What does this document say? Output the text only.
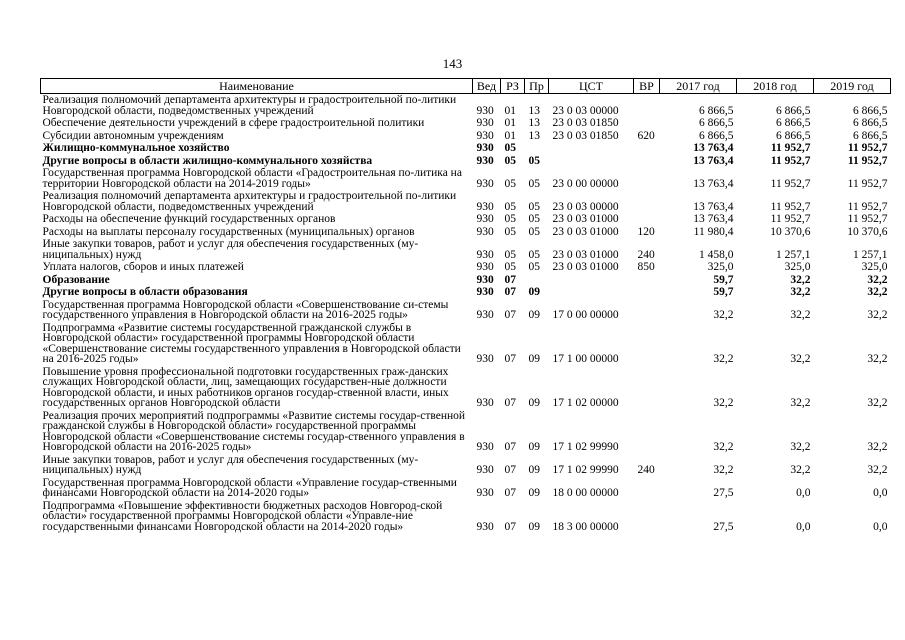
143
Наименование	Вед	РЗ	Пр	ЦСТ	ВР	2017 год	2018 год	2019 год
Реализация полномочий департамента архитектуры и градостроительной по-литики Новгородской области, подведомственных учреждений	930	01	13	23 0 03 00000		6 866,5	6 866,5	6 866,5
Обеспечение деятельности учреждений в сфере градостроительной политики	930	01	13	23 0 03 01850		6 866,5	6 866,5	6 866,5
Субсидии автономным учреждениям	930	01	13	23 0 03 01850	620	6 866,5	6 866,5	6 866,5
Жилищно-коммунальное хозяйство	930	05				13 763,4	11 952,7	11 952,7
Другие вопросы в области жилищно-коммунального хозяйства	930	05	05			13 763,4	11 952,7	11 952,7
Государственная программа Новгородской области «Градостроительная по-литика на территории Новгородской области на 2014-2019 годы»	930	05	05	23 0 00 00000		13 763,4	11 952,7	11 952,7
Реализация полномочий департамента архитектуры и градостроительной по-литики Новгородской области, подведомственных учреждений	930	05	05	23 0 03 00000		13 763,4	11 952,7	11 952,7
Расходы на обеспечение функций государственных органов	930	05	05	23 0 03 01000		13 763,4	11 952,7	11 952,7
Расходы на выплаты персоналу государственных (муниципальных) органов	930	05	05	23 0 03 01000	120	11 980,4	10 370,6	10 370,6
Иные закупки товаров, работ и услуг для обеспечения государственных (му-ниципальных) нужд	930	05	05	23 0 03 01000	240	1 458,0	1 257,1	1 257,1
Уплата налогов, сборов и иных платежей	930	05	05	23 0 03 01000	850	325,0	325,0	325,0
Образование	930	07				59,7	32,2	32,2
Другие вопросы в области образования	930	07	09			59,7	32,2	32,2
Государственная программа Новгородской области «Совершенствование си-стемы государственного управления в Новгородской области на 2016-2025 годы»	930	07	09	17 0 00 00000		32,2	32,2	32,2
Подпрограмма «Развитие системы государственной гражданской службы в Новгородской области» государственной программы Новгородской области «Совершенствование системы государственного управления в Новгородской области на 2016-2025 годы»	930	07	09	17 1 00 00000		32,2	32,2	32,2
Повышение уровня профессиональной подготовки государственных граж-данских служащих Новгородской области, лиц, замещающих государствен-ные должности Новгородской области, и иных работников органов государ-ственной власти, иных государственных органов Новгородской области	930	07	09	17 1 02 00000		32,2	32,2	32,2
Реализация прочих мероприятий подпрограммы «Развитие системы государ-ственной гражданской службы в Новгородской области» государственной программы Новгородской области «Совершенствование системы государ-ственного управления в Новгородской области на 2016-2025 годы»	930	07	09	17 1 02 99990		32,2	32,2	32,2
Иные закупки товаров, работ и услуг для обеспечения государственных (му-ниципальных) нужд	930	07	09	17 1 02 99990	240	32,2	32,2	32,2
Государственная программа Новгородской области «Управление государ-ственными финансами Новгородской области на 2014-2020 годы»	930	07	09	18 0 00 00000		27,5	0,0	0,0
Подпрограмма «Повышение эффективности бюджетных расходов Новгород-ской области» государственной программы Новгородской области «Управле-ние государственными финансами Новгородской области на 2014-2020 годы»	930	07	09	18 3 00 00000		27,5	0,0	0,0
